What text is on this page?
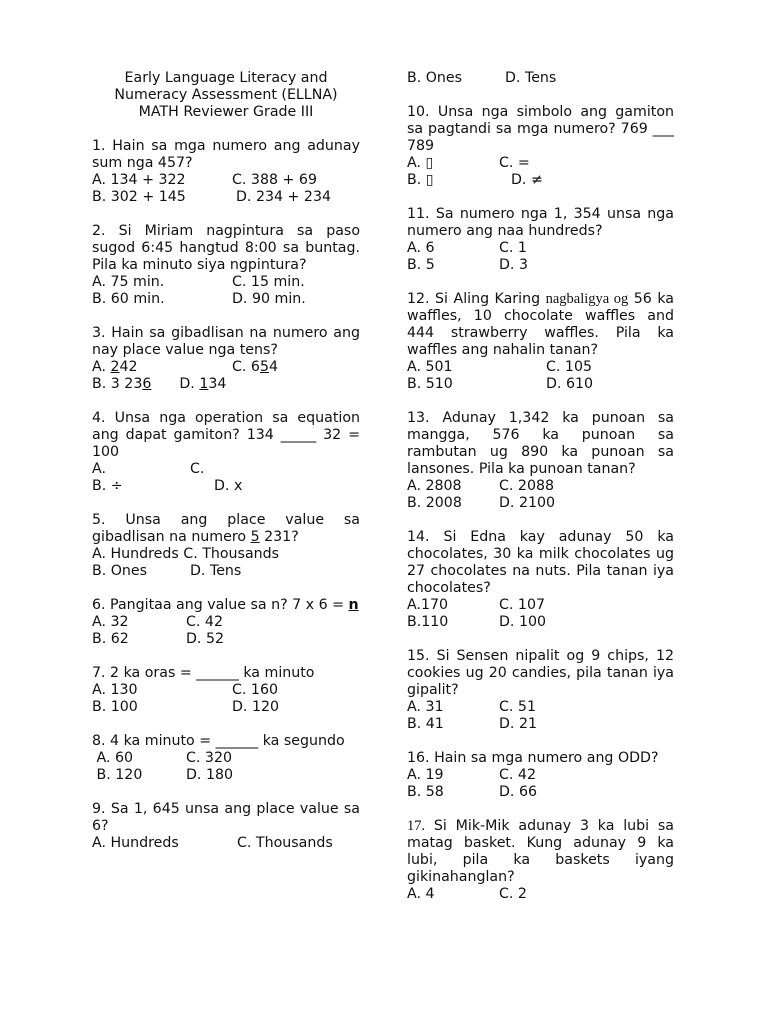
Early Language Literacy and
Numeracy Assessment (ELLNA)
MATH Reviewer Grade III
1. Hain sa mga numero ang adunay sum nga 457?
A. 134 + 322	C. 388 + 69
B. 302 + 145	D. 234 + 234
2. Si Miriam nagpintura sa paso sugod 6:45 hangtud 8:00 sa buntag. Pila ka minuto siya ngpintura?
A. 75 min.	C. 15 min.
B. 60 min.	D. 90 min.
3. Hain sa gibadlisan na numero ang nay place value nga tens?
A. 242	C. 654
B. 3 236 D. 134
4. Unsa nga operation sa equation ang dapat gamiton? 134 _____ 32 = 100
A.	C.
B. ÷	D. x
5. Unsa ang place value sa gibadlisan na numero 5 231?
A. Hundreds C. Thousands
B. Ones	D. Tens
6. Pangitaa ang value sa n? 7 x 6 = n
A. 32	C. 42
B. 62	D. 52
7. 2 ka oras = ______ ka minuto
A. 130	C. 160
B. 100	D. 120
8. 4 ka minuto = ______ ka segundo
A. 60	C. 320
B. 120	D. 180
9. Sa 1, 645 unsa ang place value sa 6?
A. Hundreds	C. Thousands
B. Ones	D. Tens
10. Unsa nga simbolo ang gamiton sa pagtandi sa mga numero? 769 ___ 789
A. ▯	C. =
B. ▯	D. ≠
11. Sa numero nga 1, 354 unsa nga numero ang naa hundreds?
A. 6	C. 1
B. 5	D. 3
12. Si Aling Karing nagbaligya og 56 ka waffles, 10 chocolate waffles and 444 strawberry waffles. Pila ka waffles ang nahalin tanan?
A. 501	C. 105
B. 510	D. 610
13. Adunay 1,342 ka punoan sa mangga, 576 ka punoan sa rambutan ug 890 ka punoan sa lansones. Pila ka punoan tanan?
A. 2808	C. 2088
B. 2008	D. 2100
14. Si Edna kay adunay 50 ka chocolates, 30 ka milk chocolates ug 27 chocolates na nuts. Pila tanan iya chocolates?
A.170	C. 107
B.110	D. 100
15. Si Sensen nipalit og 9 chips, 12 cookies ug 20 candies, pila tanan iya gipalit?
A. 31	C. 51
B. 41	D. 21
16. Hain sa mga numero ang ODD?
A. 19	C. 42
B. 58	D. 66
17. Si Mik-Mik adunay 3 ka lubi sa matag basket. Kung adunay 9 ka lubi, pila ka baskets iyang gikinahanglan?
A. 4	C. 2
